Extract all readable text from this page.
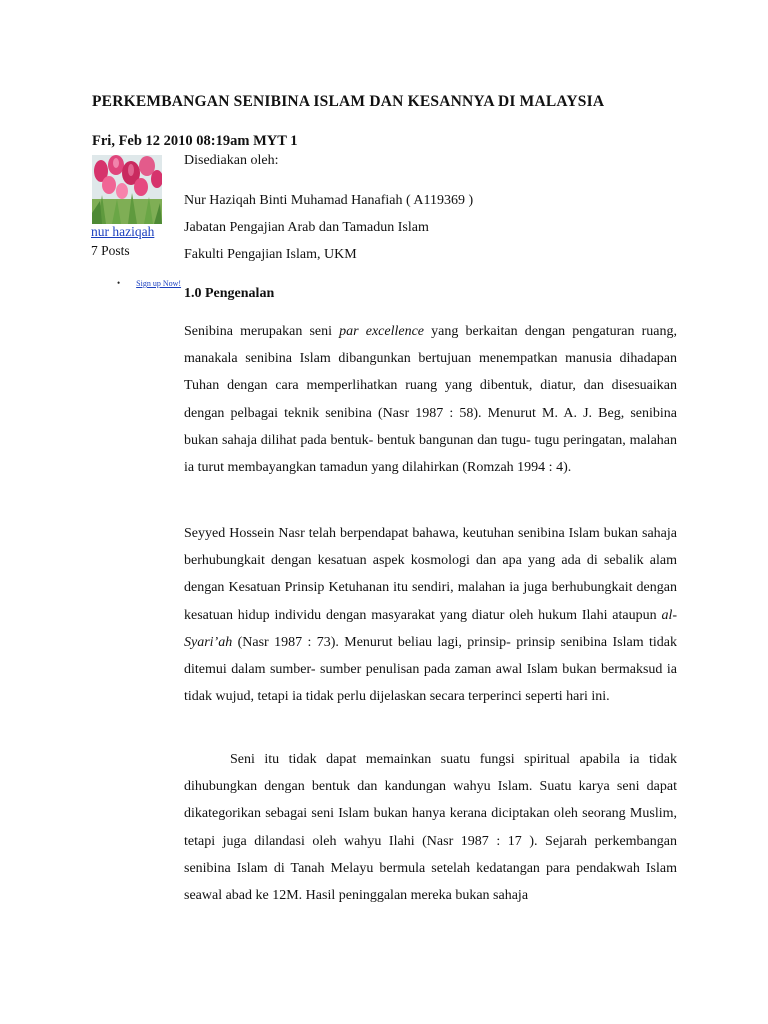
PERKEMBANGAN SENIBINA ISLAM DAN KESANNYA DI MALAYSIA
Fri, Feb 12 2010 08:19am MYT 1
nur haziqah
7 Posts
• Sign up Now!
Disediakan oleh:
Nur Haziqah Binti Muhamad Hanafiah ( A119369 )
Jabatan Pengajian Arab dan Tamadun Islam
Fakulti Pengajian Islam, UKM
1.0 Pengenalan

Senibina merupakan seni par excellence yang berkaitan dengan pengaturan ruang, manakala senibina Islam dibangunkan bertujuan menempatkan manusia dihadapan Tuhan dengan cara memperlihatkan ruang yang dibentuk, diatur, dan disesuaikan dengan pelbagai teknik senibina (Nasr 1987 : 58). Menurut M. A. J. Beg, senibina bukan sahaja dilihat pada bentuk- bentuk bangunan dan tugu- tugu peringatan, malahan ia turut membayangkan tamadun yang dilahirkan (Romzah 1994 : 4).

Seyyed Hossein Nasr telah berpendapat bahawa, keutuhan senibina Islam bukan sahaja berhubungkait dengan kesatuan aspek kosmologi dan apa yang ada di sebalik alam dengan Kesatuan Prinsip Ketuhanan itu sendiri, malahan ia juga berhubungkait dengan kesatuan hidup individu dengan masyarakat yang diatur oleh hukum Ilahi ataupun al-Syari’ah (Nasr 1987 : 73). Menurut beliau lagi, prinsip- prinsip senibina Islam tidak ditemui dalam sumber- sumber penulisan pada zaman awal Islam bukan bermaksud ia tidak wujud, tetapi ia tidak perlu dijelaskan secara terperinci seperti hari ini.

Seni itu tidak dapat memainkan suatu fungsi spiritual apabila ia tidak dihubungkan dengan bentuk dan kandungan wahyu Islam. Suatu karya seni dapat dikategorikan sebagai seni Islam bukan hanya kerana diciptakan oleh seorang Muslim, tetapi juga dilandasi oleh wahyu Ilahi (Nasr 1987 : 17 ). Sejarah perkembangan senibina Islam di Tanah Melayu bermula setelah kedatangan para pendakwah Islam seawal abad ke 12M. Hasil peninggalan mereka bukan sahaja
